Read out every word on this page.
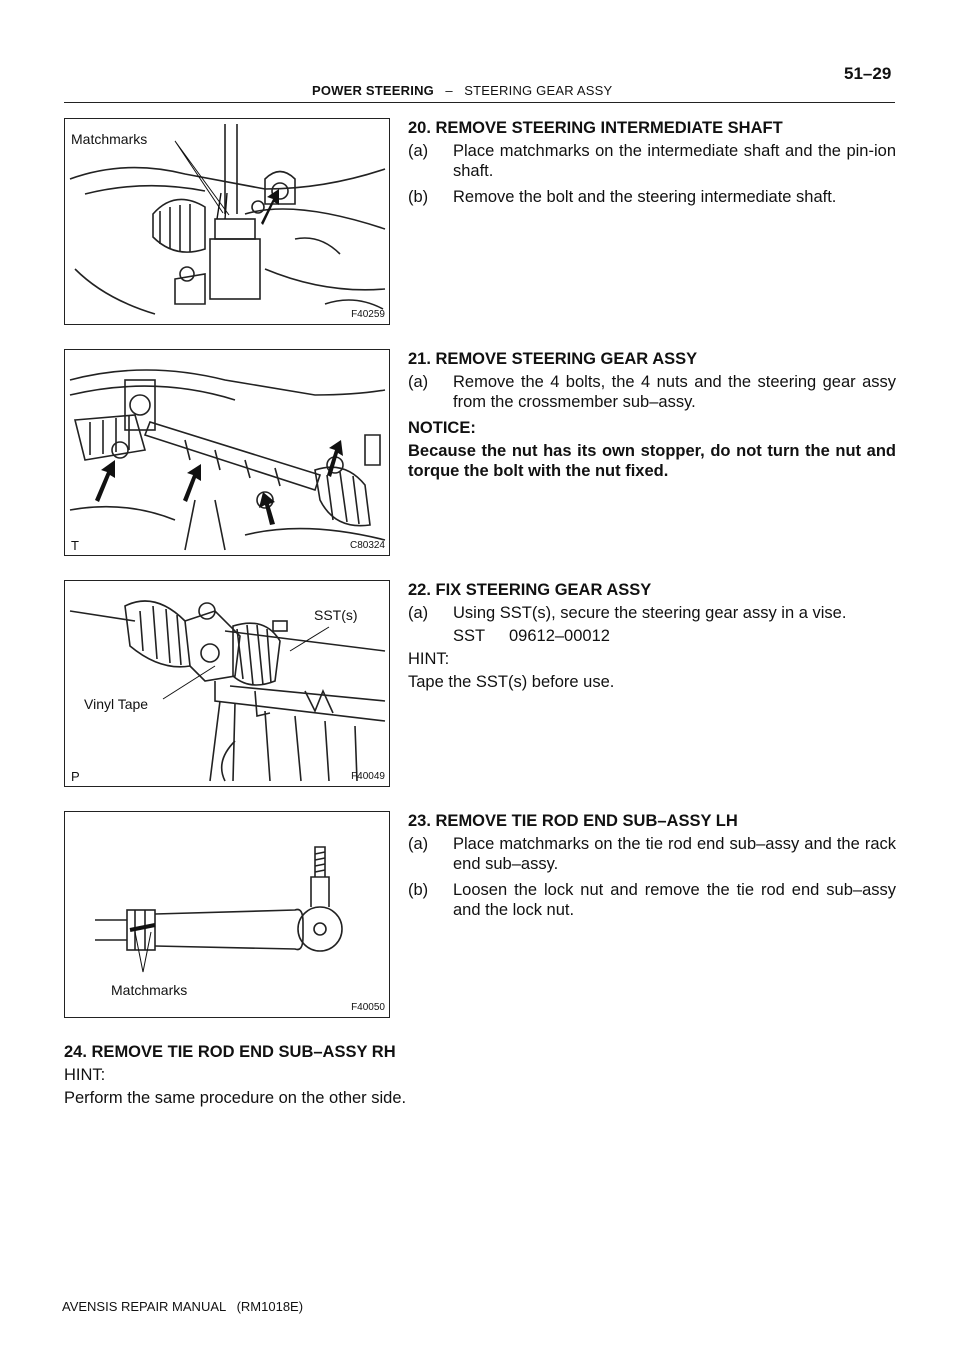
51–29
POWER STEERING – STEERING GEAR ASSY
Matchmarks
F40259
T	C80324
SST(s)
Vinyl Tape
P	F40049
Matchmarks
F40050
20. REMOVE STEERING INTERMEDIATE SHAFT
(a) Place matchmarks on the intermediate shaft and the pin-ion shaft.
(b) Remove the bolt and the steering intermediate shaft.
21. REMOVE STEERING GEAR ASSY
(a) Remove the 4 bolts, the 4 nuts and the steering gear assy from the crossmember sub–assy.
NOTICE:
Because the nut has its own stopper, do not turn the nut and torque the bolt with the nut fixed.
22. FIX STEERING GEAR ASSY
(a) Using SST(s), secure the steering gear assy in a vise.
SST 09612–00012
HINT:
Tape the SST(s) before use.
23. REMOVE TIE ROD END SUB–ASSY LH
(a) Place matchmarks on the tie rod end sub–assy and the rack end sub–assy.
(b) Loosen the lock nut and remove the tie rod end sub–assy and the lock nut.
24. REMOVE TIE ROD END SUB–ASSY RH
HINT:
Perform the same procedure on the other side.
AVENSIS REPAIR MANUAL   (RM1018E)
